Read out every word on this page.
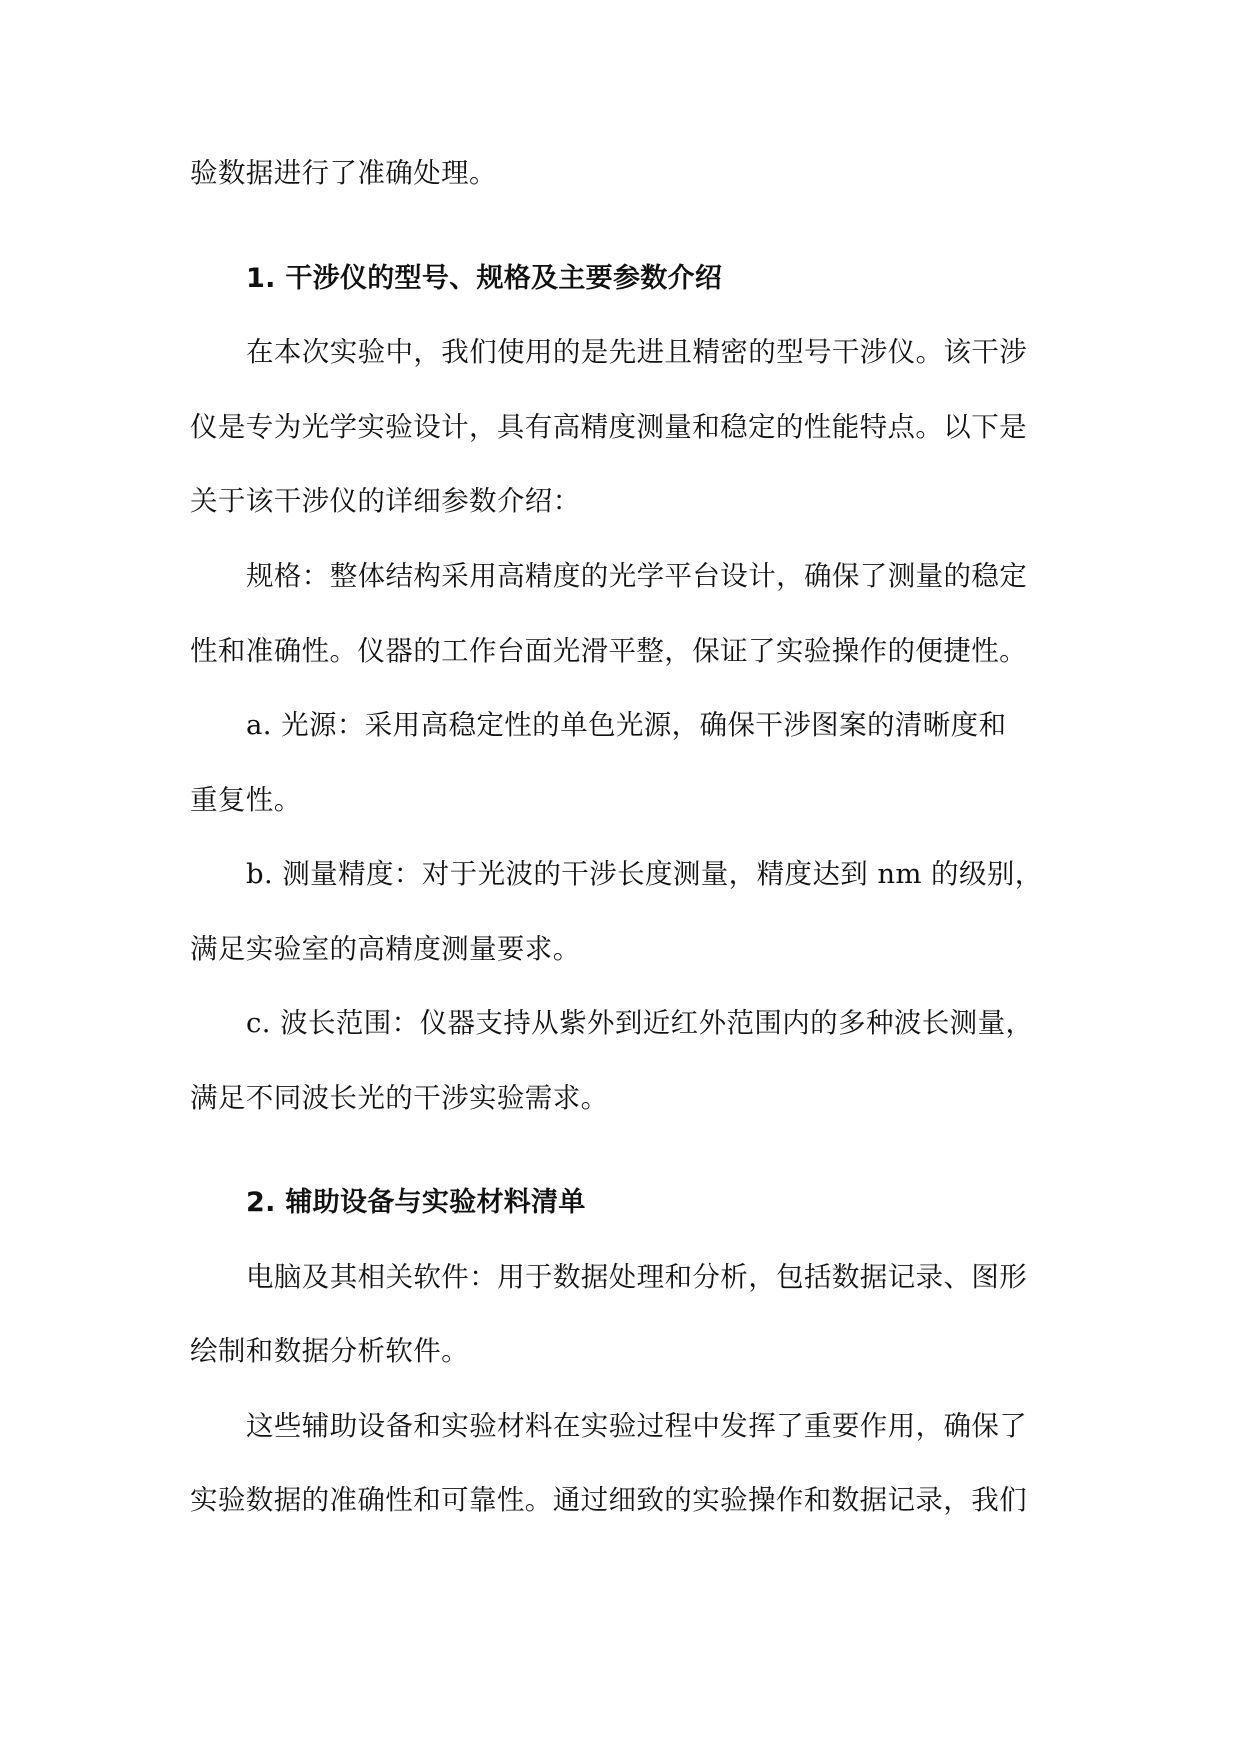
验数据进行了准确处理。
1. 干涉仪的型号、规格及主要参数介绍
在本次实验中，我们使用的是先进且精密的型号干涉仪。该干涉
仪是专为光学实验设计，具有高精度测量和稳定的性能特点。以下是
关于该干涉仪的详细参数介绍：
规格：整体结构采用高精度的光学平台设计，确保了测量的稳定
性和准确性。仪器的工作台面光滑平整，保证了实验操作的便捷性。
a. 光源：采用高稳定性的单色光源，确保干涉图案的清晰度和
重复性。
b. 测量精度：对于光波的干涉长度测量，精度达到 nm 的级别，
满足实验室的高精度测量要求。
c. 波长范围：仪器支持从紫外到近红外范围内的多种波长测量，
满足不同波长光的干涉实验需求。
2. 辅助设备与实验材料清单
电脑及其相关软件：用于数据处理和分析，包括数据记录、图形
绘制和数据分析软件。
这些辅助设备和实验材料在实验过程中发挥了重要作用，确保了
实验数据的准确性和可靠性。通过细致的实验操作和数据记录，我们
